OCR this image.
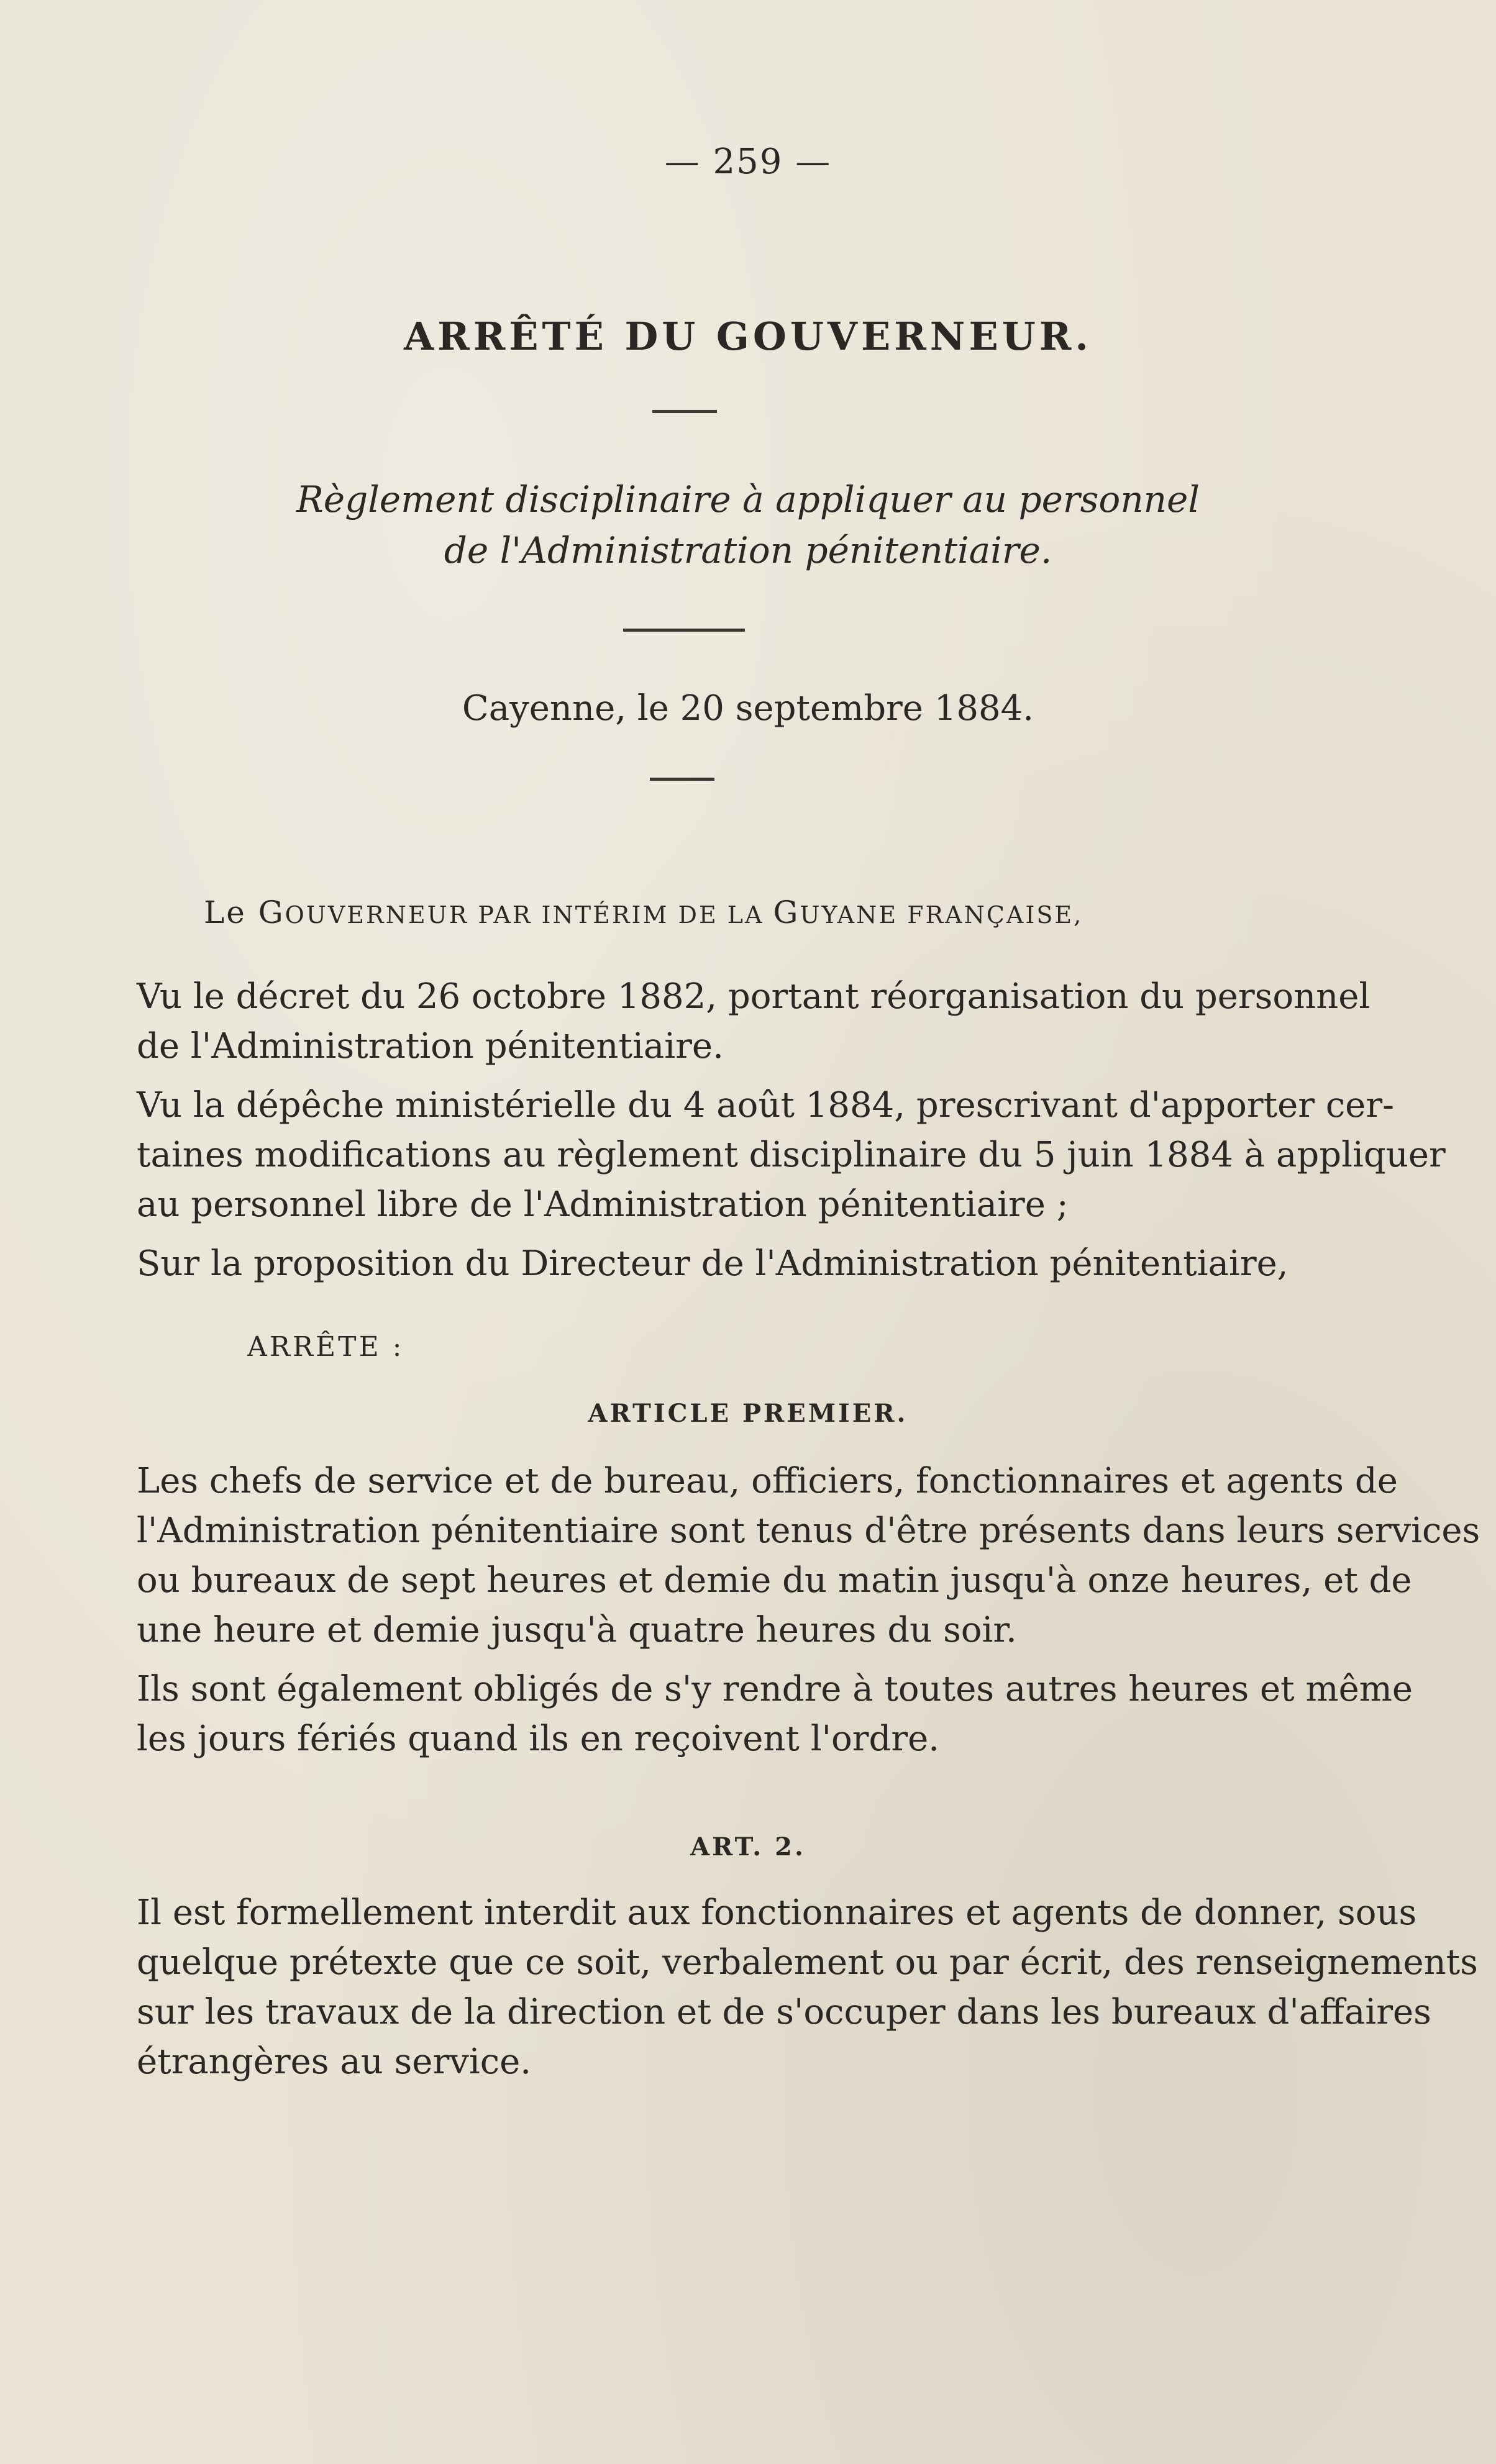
— 259 —
ARRÊTÉ DU GOUVERNEUR.
Règlement disciplinaire à appliquer au personnel
de l'Administration pénitentiaire.
Cayenne, le 20 septembre 1884.
Le GOUVERNEUR PAR INTÉRIM DE LA GUYANE FRANÇAISE,
Vu le décret du 26 octobre 1882, portant réorganisation du personnel
de l'Administration pénitentiaire.
Vu la dépêche ministérielle du 4 août 1884, prescrivant d'apporter cer-
taines modifications au règlement disciplinaire du 5 juin 1884 à appliquer
au personnel libre de l'Administration pénitentiaire ;
Sur la proposition du Directeur de l'Administration pénitentiaire,
ARRÊTE :
ARTICLE PREMIER.
Les chefs de service et de bureau, officiers, fonctionnaires et agents de
l'Administration pénitentiaire sont tenus d'être présents dans leurs services
ou bureaux de sept heures et demie du matin jusqu'à onze heures, et de
une heure et demie jusqu'à quatre heures du soir.
Ils sont également obligés de s'y rendre à toutes autres heures et même
les jours fériés quand ils en reçoivent l'ordre.
ART. 2.
Il est formellement interdit aux fonctionnaires et agents de donner, sous
quelque prétexte que ce soit, verbalement ou par écrit, des renseignements
sur les travaux de la direction et de s'occuper dans les bureaux d'affaires
étrangères au service.
